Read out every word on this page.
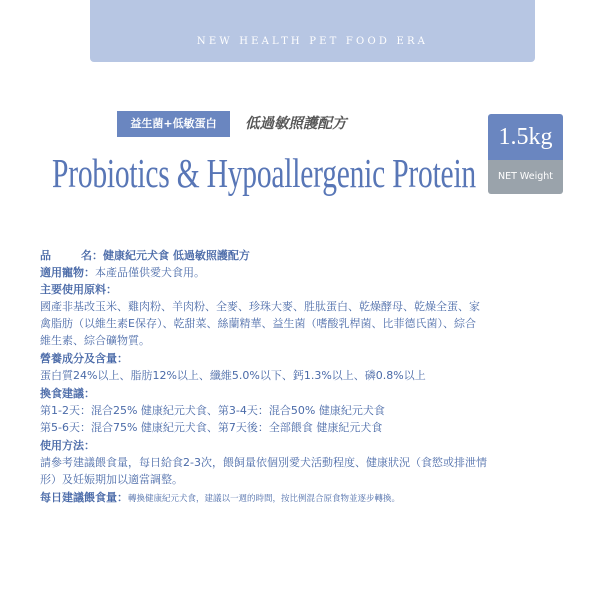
NEW HEALTH PET FOOD ERA
益生菌+低敏蛋白	低過敏照護配方
Probiotics & Hypoallergenic Protein
1.5kg
NET Weight
品	名：健康紀元犬食 低過敏照護配方
適用寵物：本產品僅供愛犬食用。
主要使用原料：
國產非基改玉米、雞肉粉、羊肉粉、全麥、珍珠大麥、胜肽蛋白、乾燥酵母、乾燥全蛋、家
禽脂肪（以維生素E保存）、乾甜菜、絲蘭精華、益生菌（嗜酸乳桿菌、比菲德氏菌）、綜合
維生素、綜合礦物質。
營養成分及含量：
蛋白質24%以上、脂肪12%以上、纖維5.0%以下、鈣1.3%以上、磷0.8%以上
換食建議：
第1-2天：混合25% 健康紀元犬食、第3-4天：混合50% 健康紀元犬食
第5-6天：混合75% 健康紀元犬食、第7天後：全部餵食 健康紀元犬食
使用方法：
請參考建議餵食量，每日給食2-3次，餵飼量依個別愛犬活動程度、健康狀況（食慾或排泄情
形）及妊娠期加以適當調整。
每日建議餵食量：轉換健康紀元犬食，建議以一週的時間，按比例混合原食物並逐步轉換。
